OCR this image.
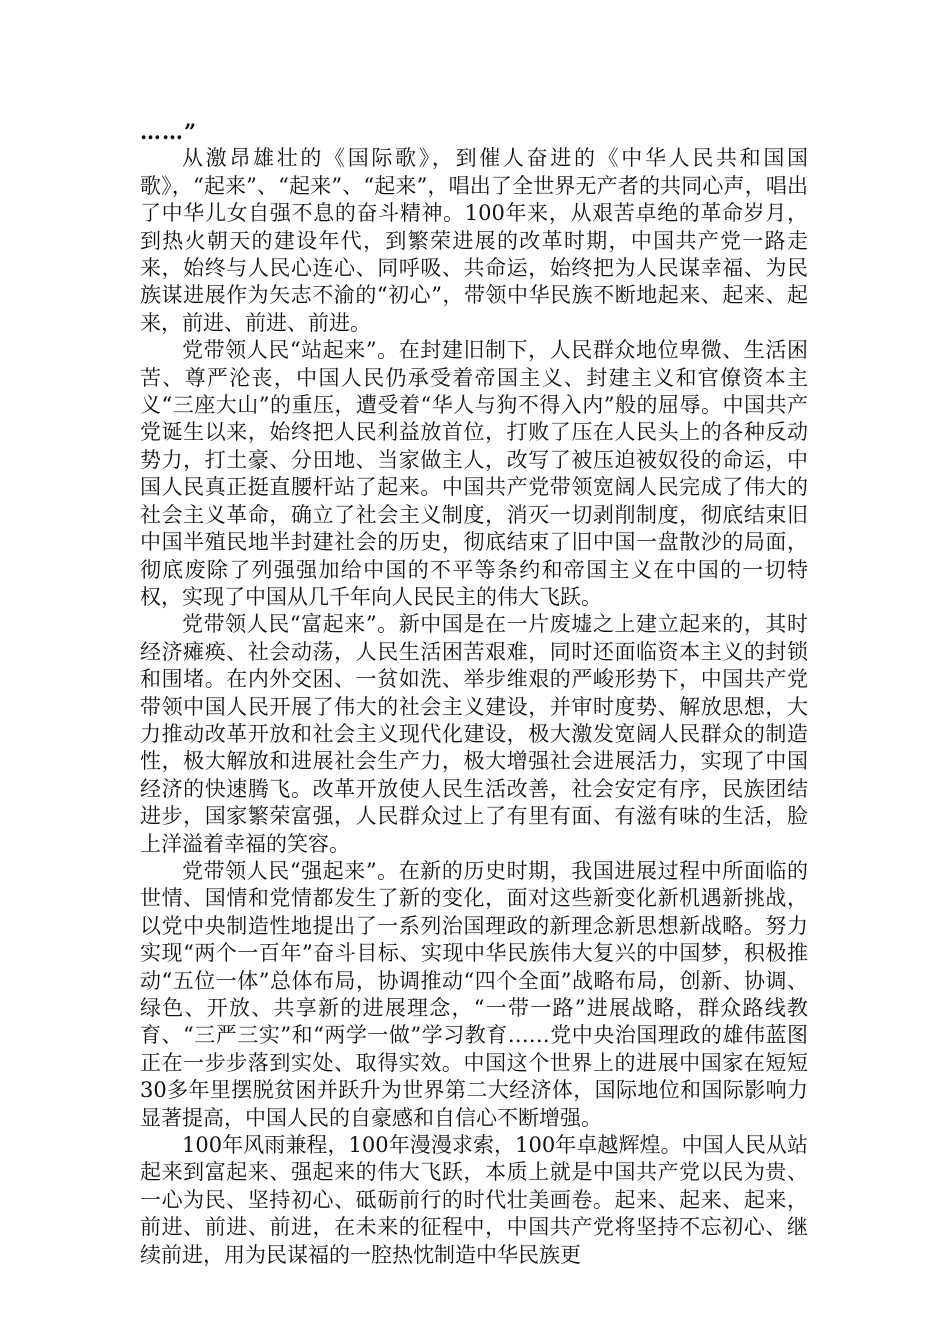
……”

从激昂雄壮的《国际歌》，到催人奋进的《中华人民共和国国歌》，“起来”、“起来”、“起来”，唱出了全世界无产者的共同心声，唱出了中华儿女自强不息的奋斗精神。100年来，从艰苦卓绝的革命岁月，到热火朝天的建设年代，到繁荣进展的改革时期，中国共产党一路走来，始终与人民心连心、同呼吸、共命运，始终把为人民谋幸福、为民族谋进展作为矢志不渝的“初心”，带领中华民族不断地起来、起来、起来，前进、前进、前进。

党带领人民“站起来”。在封建旧制下，人民群众地位卑微、生活困苦、尊严沦丧，中国人民仍承受着帝国主义、封建主义和官僚资本主义“三座大山”的重压，遭受着“华人与狗不得入内”般的屈辱。中国共产党诞生以来，始终把人民利益放首位，打败了压在人民头上的各种反动势力，打土豪、分田地、当家做主人，改写了被压迫被奴役的命运，中国人民真正挺直腰杆站了起来。中国共产党带领宽阔人民完成了伟大的社会主义革命，确立了社会主义制度，消灭一切剥削制度，彻底结束旧中国半殖民地半封建社会的历史，彻底结束了旧中国一盘散沙的局面，彻底废除了列强强加给中国的不平等条约和帝国主义在中国的一切特权，实现了中国从几千年向人民民主的伟大飞跃。

党带领人民“富起来”。新中国是在一片废墟之上建立起来的，其时经济瘫痪、社会动荡，人民生活困苦艰难，同时还面临资本主义的封锁和围堵。在内外交困、一贫如洗、举步维艰的严峻形势下，中国共产党带领中国人民开展了伟大的社会主义建设，并审时度势、解放思想，大力推动改革开放和社会主义现代化建设，极大激发宽阔人民群众的制造性，极大解放和进展社会生产力，极大增强社会进展活力，实现了中国经济的快速腾飞。改革开放使人民生活改善，社会安定有序，民族团结进步，国家繁荣富强，人民群众过上了有里有面、有滋有味的生活，脸上洋溢着幸福的笑容。

党带领人民“强起来”。在新的历史时期，我国进展过程中所面临的世情、国情和党情都发生了新的变化，面对这些新变化新机遇新挑战，以党中央制造性地提出了一系列治国理政的新理念新思想新战略。努力实现“两个一百年”奋斗目标、实现中华民族伟大复兴的中国梦，积极推动“五位一体”总体布局，协调推动“四个全面”战略布局，创新、协调、绿色、开放、共享新的进展理念，“一带一路”进展战略，群众路线教育、“三严三实”和“两学一做”学习教育……党中央治国理政的雄伟蓝图正在一步步落到实处、取得实效。中国这个世界上的进展中国家在短短30多年里摆脱贫困并跃升为世界第二大经济体，国际地位和国际影响力显著提高，中国人民的自豪感和自信心不断增强。

100年风雨兼程，100年漫漫求索，100年卓越辉煌。中国人民从站起来到富起来、强起来的伟大飞跃，本质上就是中国共产党以民为贵、一心为民、坚持初心、砥砺前行的时代壮美画卷。起来、起来、起来，前进、前进、前进，在未来的征程中，中国共产党将坚持不忘初心、继续前进，用为民谋福的一腔热忱制造中华民族更
